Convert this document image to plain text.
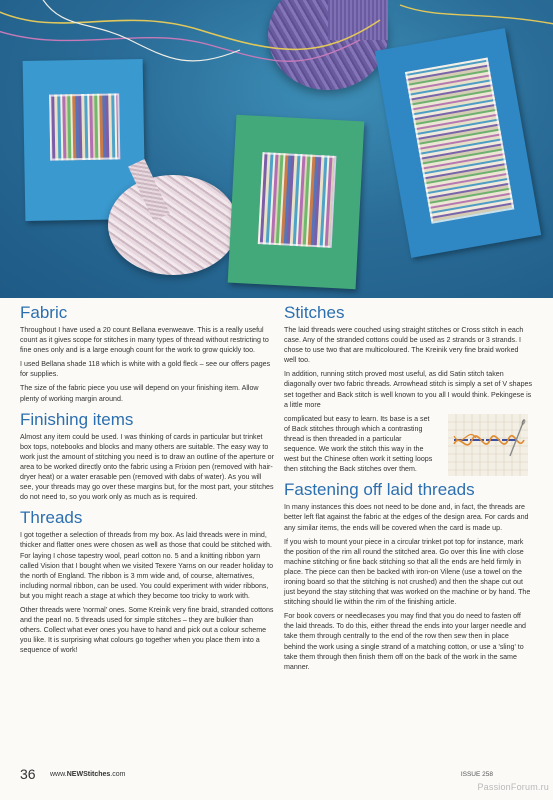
Fabric

Throughout I have used a 20 count Bellana evenweave. This is a really useful count as it gives scope for stitches in many types of thread without restricting to fine ones only and is a large enough count for the work to grow quickly too.

I used Bellana shade 118 which is white with a gold fleck – see our offers pages for supplies.

The size of the fabric piece you use will depend on your finishing item. Allow plenty of working margin around.

Finishing items

Almost any item could be used. I was thinking of cards in particular but trinket box tops, notebooks and blocks and many others are suitable. The easy way to work just the amount of stitching you need is to draw an outline of the aperture or area to be worked directly onto the fabric using a Frixion pen (removed with hair-dryer heat) or a water erasable pen (removed with dabs of water). As you will see, your threads may go over these margins but, for the most part, your stitches do not need to, so you work only as much as is required.

Threads

I got together a selection of threads from my box. As laid threads were in mind, thicker and flatter ones were chosen as well as those that could be stitched with. For laying I chose tapestry wool, pearl cotton no. 5 and a knitting ribbon yarn called Vision that I bought when we visited Texere Yarns on our reader holiday to the north of England. The ribbon is 3 mm wide and, of course, alternatives, including normal ribbon, can be used. You could experiment with wider ribbons, but you might reach a stage at which they become too tricky to work with.

Other threads were 'normal' ones. Some Kreinik very fine braid, stranded cottons and the pearl no. 5 threads used for simple stitches – they are bulkier than others. Collect what ever ones you have to hand and pick out a colour scheme you like. It is surprising what colours go together when you place them into a sequence of work!

Stitches

The laid threads were couched using straight stitches or Cross stitch in each case. Any of the stranded cottons could be used as 2 strands or 3 strands. I chose to use two that are multicoloured. The Kreinik very fine braid worked well too.

In addition, running stitch proved most useful, as did Satin stitch taken diagonally over two fabric threads. Arrowhead stitch is simply a set of V shapes set together and Back stitch is well known to you all I would think. Pekingese is a little more

complicated but easy to learn. Its base is a set of Back stitches through which a contrasting thread is then threaded in a particular sequence. We work the stitch this way in the west but the Chinese often work it setting loops then stitching the Back stitches over them.

Fastening off laid threads

In many instances this does not need to be done and, in fact, the threads are better left flat against the fabric at the edges of the design area. For cards and any similar items, the ends will be covered when the card is made up.

If you wish to mount your piece in a circular trinket pot top for instance, mark the position of the rim all round the stitched area. Go over this line with close machine stitching or fine back stitching so that all the ends are held firmly in place. The piece can then be backed with iron-on Vilene (use a towel on the ironing board so that the stitching is not crushed) and then the shape cut out just beyond the stay stitching that was worked on the machine or by hand. The stitching should lie within the rim of the finishing article.

For book covers or needlecases you may find that you do need to fasten off the laid threads. To do this, either thread the ends into your larger needle and take them through centrally to the end of the row then sew then in place behind the work using a single strand of a matching cotton, or use a 'sling' to take them through then finish them off on the back of the work in the same manner.

36 www.NEWStitches.com	ISSUE 258
PassionForum.ru
